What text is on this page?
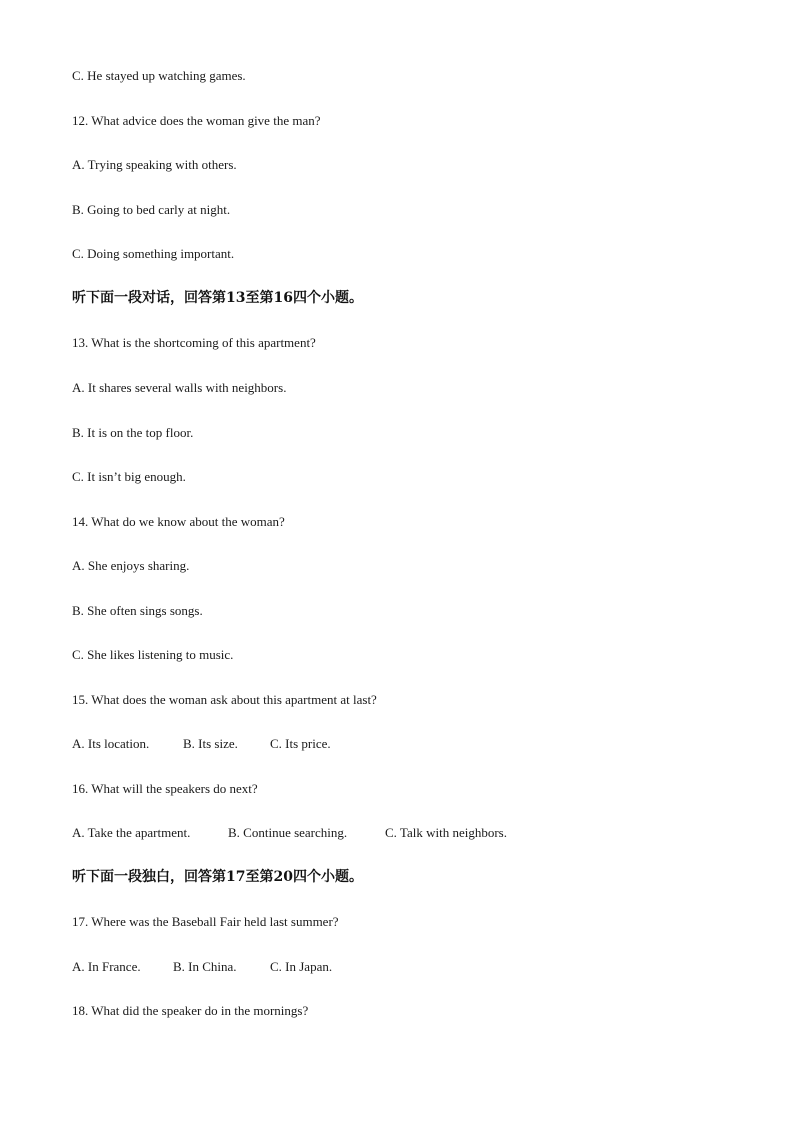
C. He stayed up watching games.
12. What advice does the woman give the man?
A. Trying speaking with others.
B. Going to bed carly at night.
C. Doing something important.
听下面一段对话，回答第13至第16四个小题。
13. What is the shortcoming of this apartment?
A. It shares several walls with neighbors.
B. It is on the top floor.
C. It isn’t big enough.
14. What do we know about the woman?
A. She enjoys sharing.
B. She often sings songs.
C. She likes listening to music.
15. What does the woman ask about this apartment at last?
A. Its location.	B. Its size. C. Its price.
16. What will the speakers do next?
A. Take the apartment.	B. Continue searching.	C. Talk with neighbors.
听下面一段独白，回答第17至第20四个小题。
17. Where was the Baseball Fair held last summer?
A. In France. B. In China.	C. In Japan.
18. What did the speaker do in the mornings?
